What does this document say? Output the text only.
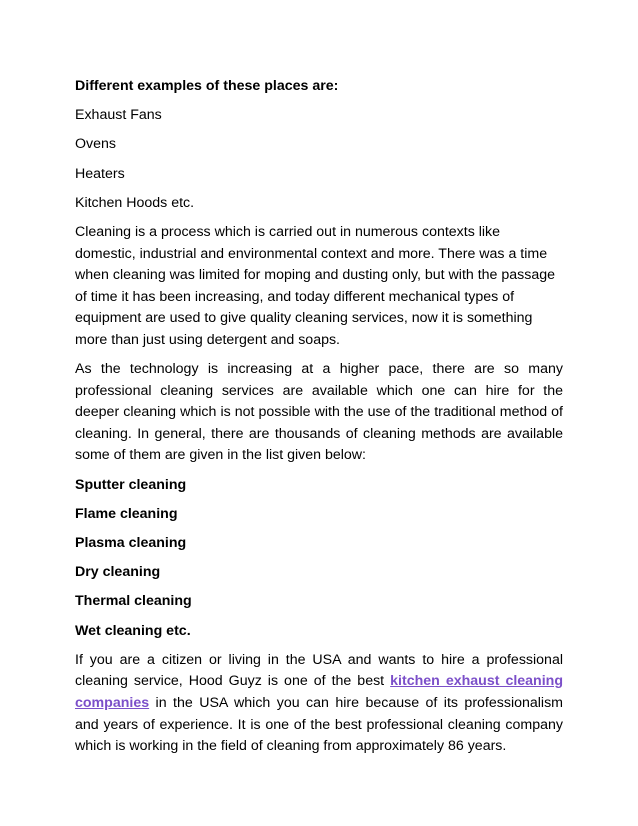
Different examples of these places are:
Exhaust Fans
Ovens
Heaters
Kitchen Hoods etc.
Cleaning is a process which is carried out in numerous contexts like domestic, industrial and environmental context and more. There was a time when cleaning was limited for moping and dusting only, but with the passage of time it has been increasing, and today different mechanical types of equipment are used to give quality cleaning services, now it is something more than just using detergent and soaps.
As the technology is increasing at a higher pace, there are so many professional cleaning services are available which one can hire for the deeper cleaning which is not possible with the use of the traditional method of cleaning. In general, there are thousands of cleaning methods are available some of them are given in the list given below:
Sputter cleaning
Flame cleaning
Plasma cleaning
Dry cleaning
Thermal cleaning
Wet cleaning etc.
If you are a citizen or living in the USA and wants to hire a professional cleaning service, Hood Guyz is one of the best kitchen exhaust cleaning companies in the USA which you can hire because of its professionalism and years of experience. It is one of the best professional cleaning company which is working in the field of cleaning from approximately 86 years.
